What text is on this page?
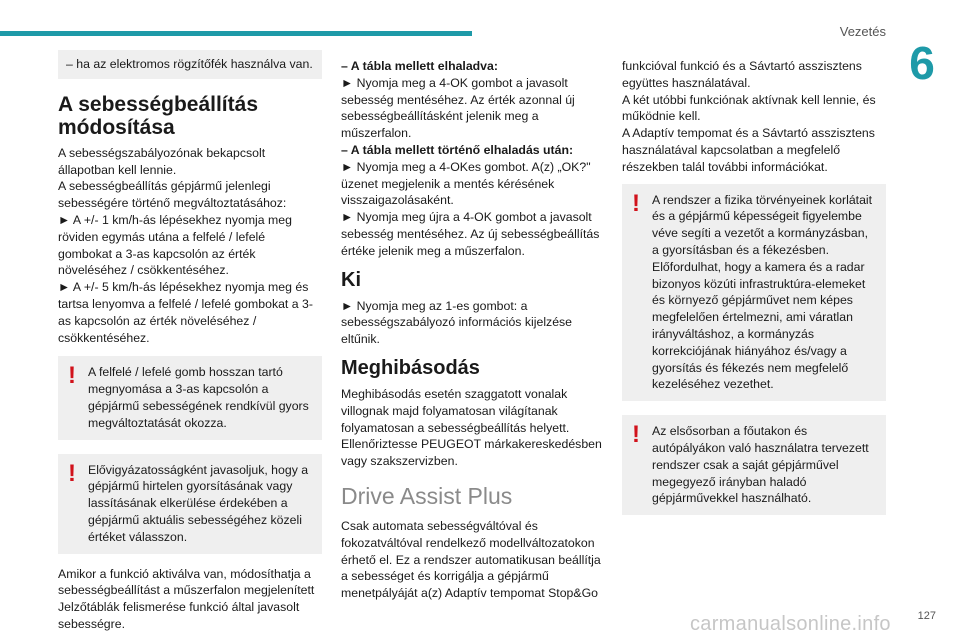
Vezetés
6

– ha az elektromos rögzítőfék használva van.

A sebességbeállítás módosítása

A sebességszabályozónak bekapcsolt állapotban kell lennie.

A sebességbeállítás gépjármű jelenlegi sebességére történő megváltoztatásához:

► A +/- 1 km/h-ás lépésekhez nyomja meg röviden egymás utána a felfelé / lefelé gombokat a 3-as kapcsolón az érték növeléséhez / csökkentéséhez.

► A +/- 5 km/h-ás lépésekhez nyomja meg és tartsa lenyomva a felfelé / lefelé gombokat a 3-as kapcsolón az érték növeléséhez / csökkentéséhez.

! A felfelé / lefelé gomb hosszan tartó megnyomása a 3-as kapcsolón a gépjármű sebességének rendkívül gyors megváltoztatását okozza.

! Elővigyázatosságként javasoljuk, hogy a gépjármű hirtelen gyorsításának vagy lassításának elkerülése érdekében a gépjármű aktuális sebességéhez közeli értéket válasszon.

Amikor a funkció aktiválva van, módosíthatja a sebességbeállítást a műszerfalon megjelenített Jelzőtáblák felismerése funkció által javasolt sebességre.

– A tábla mellett elhaladva:

► Nyomja meg a 4-OK gombot a javasolt sebesség mentéséhez. Az érték azonnal új sebességbeállításként jelenik meg a műszerfalon.

– A tábla mellett történő elhaladás után:

► Nyomja meg a 4-OKes gombot. A(z) „OK?" üzenet megjelenik a mentés kérésének visszaigazolásaként.

► Nyomja meg újra a 4-OK gombot a javasolt sebesség mentéséhez. Az új sebességbeállítás értéke jelenik meg a műszerfalon.

Ki

► Nyomja meg az 1-es gombot: a sebességszabályozó információs kijelzése eltűnik.

Meghibásodás

Meghibásodás esetén szaggatott vonalak villognak majd folyamatosan világítanak folyamatosan a sebességbeállítás helyett. Ellenőriztesse PEUGEOT márkakereskedésben vagy szakszervizben.

Drive Assist Plus

Csak automata sebességváltóval és fokozatváltóval rendelkező modellváltozatokon érhető el. Ez a rendszer automatikusan beállítja a sebességet és korrigálja a gépjármű menetpályáját a(z) Adaptív tempomat Stop&Go

funkcióval funkció és a Sávtartó asszisztens együttes használatával.

A két utóbbi funkciónak aktívnak kell lennie, és működnie kell.

A Adaptív tempomat és a Sávtartó asszisztens használatával kapcsolatban a megfelelő részekben talál további információkat.

! A rendszer a fizika törvényeinek korlátait és a gépjármű képességeit figyelembe véve segíti a vezetőt a kormányzásban, a gyorsításban és a fékezésben. Előfordulhat, hogy a kamera és a radar bizonyos közúti infrastruktúra-elemeket és környező gépjárművet nem képes megfelelően értelmezni, ami váratlan irányváltáshoz, a kormányzás korrekciójának hiányához és/vagy a gyorsítás és fékezés nem megfelelő kezeléséhez vezethet.

! Az elsősorban a főutakon és autópályákon való használatra tervezett rendszer csak a saját gépjárművel megegyező irányban haladó gépjárművekkel használható.

carmanualsonline.info 127
